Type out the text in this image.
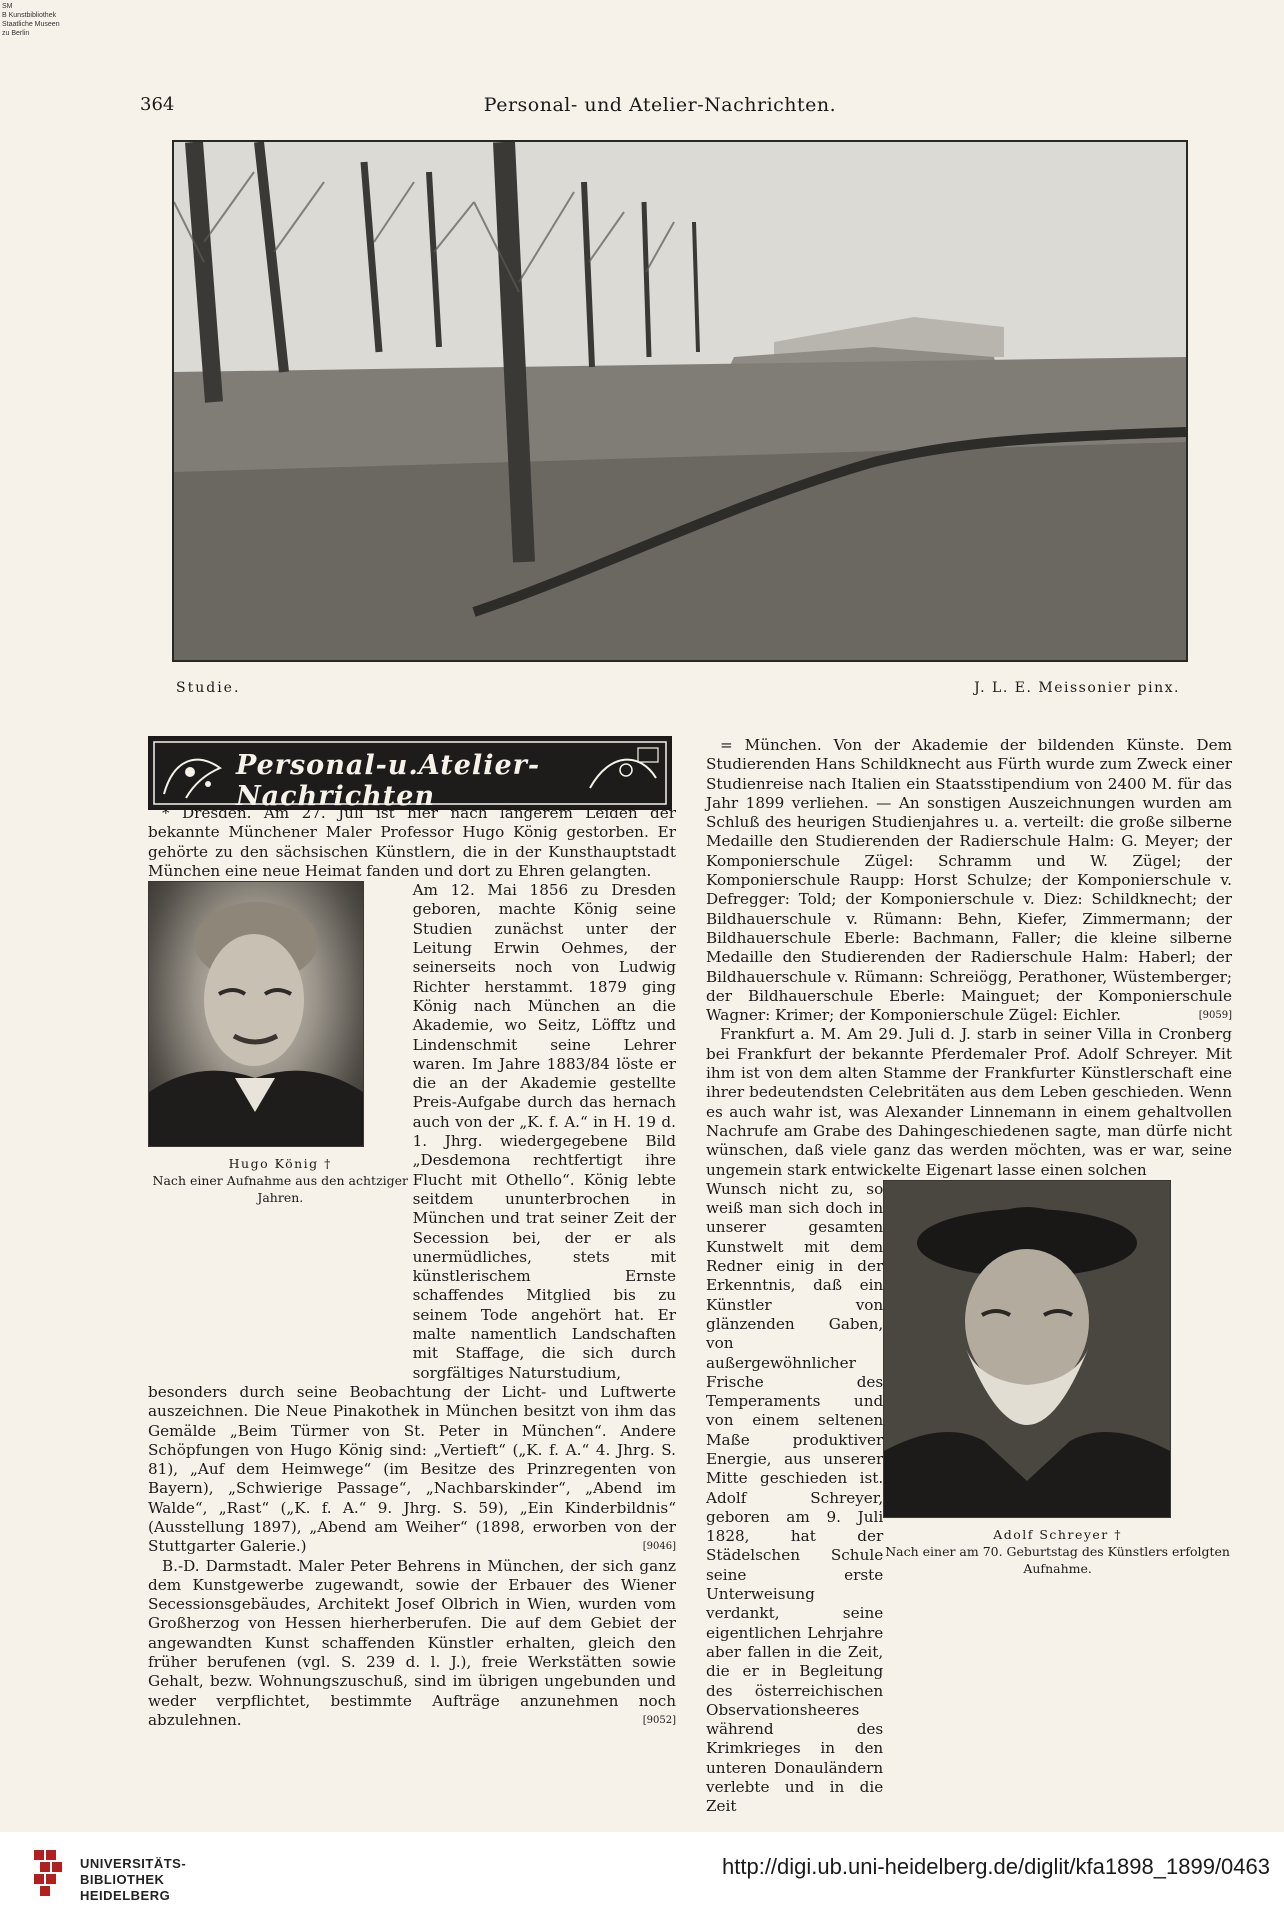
SM
B Kunstbibliothek
Staatliche Museen
zu Berlin
364	Personal- und Atelier-Nachrichten.
Studie.	J. L. E. Meissonier pinx.
Personal-u.Atelier-Nachrichten

* Dresden. Am 27. Juli ist hier nach längerem Leiden der bekannte Münchener Maler Professor Hugo König gestorben. Er gehörte zu den sächsischen Künstlern, die in der Kunsthauptstadt München eine neue Heimat fanden und dort zu Ehren gelangten.

Hugo König †
Nach einer Aufnahme aus den achtziger Jahren.

Am 12. Mai 1856 zu Dresden geboren, machte König seine Studien zunächst unter der Leitung Erwin Oehmes, der seinerseits noch von Ludwig Richter herstammt. 1879 ging König nach München an die Akademie, wo Seitz, Löfftz und Lindenschmit seine Lehrer waren. Im Jahre 1883/84 löste er die an der Akademie gestellte Preis-Aufgabe durch das hernach auch von der „K. f. A.“ in H. 19 d. 1. Jhrg. wiedergegebene Bild „Desdemona rechtfertigt ihre Flucht mit Othello“. König lebte seitdem ununterbrochen in München und trat seiner Zeit der Secession bei, der er als unermüdliches, stets mit künstlerischem Ernste schaffendes Mitglied bis zu seinem Tode angehört hat. Er malte namentlich Landschaften mit Staffage, die sich durch sorgfältiges Naturstudium,

besonders durch seine Beobachtung der Licht- und Luftwerte auszeichnen. Die Neue Pinakothek in München besitzt von ihm das Gemälde „Beim Türmer von St. Peter in München“. Andere Schöpfungen von Hugo König sind: „Vertieft“ („K. f. A.“ 4. Jhrg. S. 81), „Auf dem Heimwege“ (im Besitze des Prinzregenten von Bayern), „Schwierige Passage“, „Nachbarskinder“, „Abend im Walde“, „Rast“ („K. f. A.“ 9. Jhrg. S. 59), „Ein Kinderbildnis“ (Ausstellung 1897), „Abend am Weiher“ (1898, erworben von der Stuttgarter Galerie.)	[9046]

B.-D. Darmstadt. Maler Peter Behrens in München, der sich ganz dem Kunstgewerbe zugewandt, sowie der Erbauer des Wiener Secessionsgebäudes, Architekt Josef Olbrich in Wien, wurden vom Großherzog von Hessen hierherberufen. Die auf dem Gebiet der angewandten Kunst schaffenden Künstler erhalten, gleich den früher berufenen (vgl. S. 239 d. l. J.), freie Werkstätten sowie Gehalt, bezw. Wohnungszuschuß, sind im übrigen ungebunden und weder verpflichtet, bestimmte Aufträge anzunehmen noch abzulehnen.	[9052]

= München. Von der Akademie der bildenden Künste. Dem Studierenden Hans Schildknecht aus Fürth wurde zum Zweck einer Studienreise nach Italien ein Staatsstipendium von 2400 M. für das Jahr 1899 verliehen. — An sonstigen Auszeichnungen wurden am Schluß des heurigen Studienjahres u. a. verteilt: die große silberne Medaille den Studierenden der Radierschule Halm: G. Meyer; der Komponierschule Zügel: Schramm und W. Zügel; der Komponierschule Raupp: Horst Schulze; der Komponierschule v. Defregger: Told; der Komponierschule v. Diez: Schildknecht; der Bildhauerschule v. Rümann: Behn, Kiefer, Zimmermann; der Bildhauerschule Eberle: Bachmann, Faller; die kleine silberne Medaille den Studierenden der Radierschule Halm: Haberl; der Bildhauerschule v. Rümann: Schreiögg, Perathoner, Wüstemberger; der Bildhauerschule Eberle: Mainguet; der Komponierschule Wagner: Krimer; der Komponierschule Zügel: Eichler.	[9059]

Frankfurt a. M. Am 29. Juli d. J. starb in seiner Villa in Cronberg bei Frankfurt der bekannte Pferdemaler Prof. Adolf Schreyer. Mit ihm ist von dem alten Stamme der Frankfurter Künstlerschaft eine ihrer bedeutendsten Celebritäten aus dem Leben geschieden. Wenn es auch wahr ist, was Alexander Linnemann in einem gehaltvollen Nachrufe am Grabe des Dahingeschiedenen sagte, man dürfe nicht wünschen, daß viele ganz das werden möchten, was er war, seine ungemein stark entwickelte Eigenart lasse einen solchen

Wunsch nicht zu, so weiß man sich doch in unserer gesamten Kunstwelt mit dem Redner einig in der Erkenntnis, daß ein Künstler von glänzenden Gaben, von außergewöhnlicher Frische des Temperaments und von einem seltenen Maße produktiver Energie, aus unserer Mitte geschieden ist. Adolf Schreyer, geboren am 9. Juli 1828, hat der Städelschen Schule seine erste Unterweisung verdankt, seine eigentlichen Lehrjahre aber fallen in die Zeit, die er in Begleitung des österreichischen Observationsheeres während des Krimkrieges in den unteren Donauländern verlebte und in die Zeit

Adolf Schreyer †
Nach einer am 70. Geburtstag des Künstlers erfolgten Aufnahme.
UNIVERSITÄTS-
BIBLIOTHEK
HEIDELBERG
http://digi.ub.uni-heidelberg.de/diglit/kfa1898_1899/0463
